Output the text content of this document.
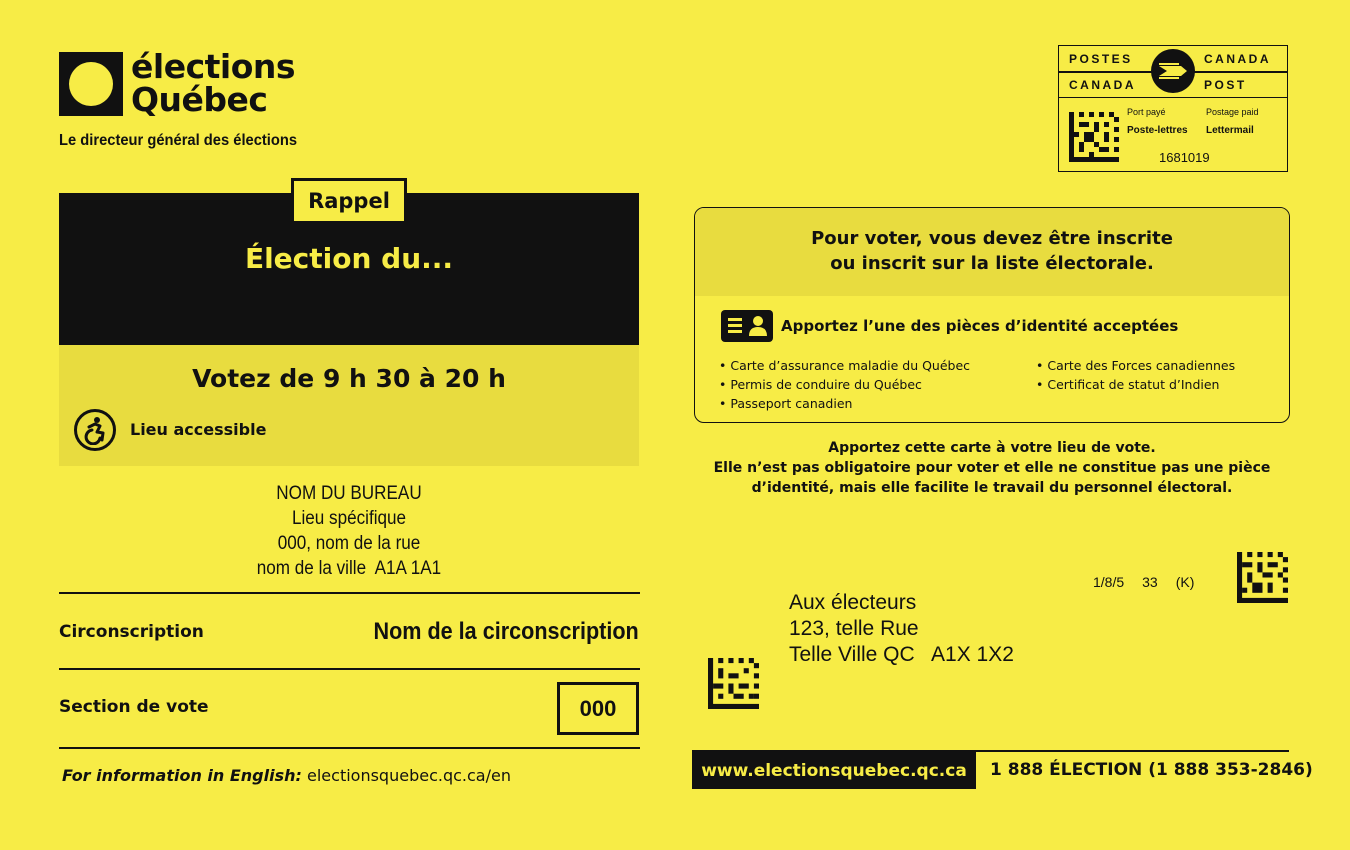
élections
Québec
Le directeur général des élections
Rappel
Élection du...
Votez de 9 h 30 à 20 h
Lieu accessible
NOM DU BUREAU
Lieu spécifique
000, nom de la rue
nom de la ville  A1A 1A1
Circonscription	Nom de la circonscription
Section de vote	000
For information in English: electionsquebec.qc.ca/en
POSTES	CANADA
CANADA	POST
Port payé	Postage paid
Poste-lettres Lettermail
1681019
Pour voter, vous devez être inscrite
ou inscrit sur la liste électorale.
Apportez l’une des pièces d’identité acceptées
• Carte d’assurance maladie du Québec
• Permis de conduire du Québec
• Passeport canadien
• Carte des Forces canadiennes
• Certificat de statut d’Indien
Apportez cette carte à votre lieu de vote.
Elle n’est pas obligatoire pour voter et elle ne constitue pas une pièce
d’identité, mais elle facilite le travail du personnel électoral.
1/8/5 33 (K)
Aux électeurs
123, telle Rue
Telle Ville QC   A1X 1X2
www.electionsquebec.qc.ca	1 888 ÉLECTION (1 888 353-2846)
